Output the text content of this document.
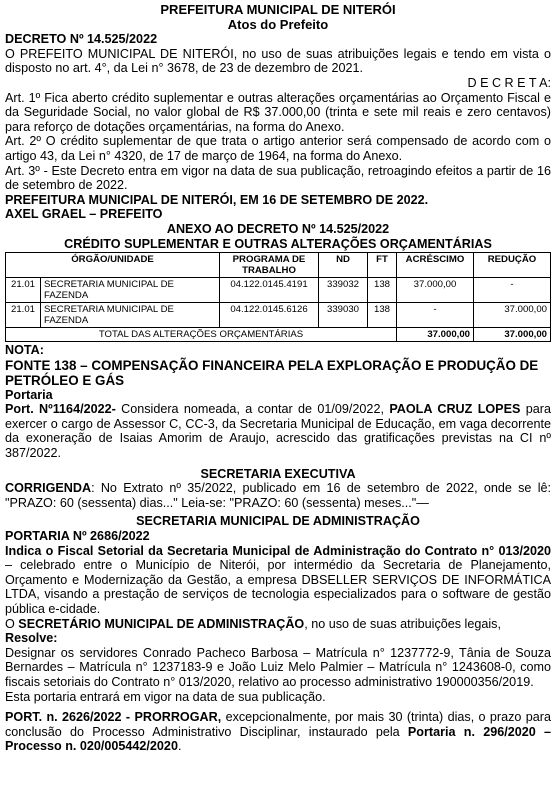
PREFEITURA MUNICIPAL DE NITERÓI
Atos do Prefeito
DECRETO Nº 14.525/2022

O PREFEITO MUNICIPAL DE NITERÓI, no uso de suas atribuições legais e tendo em vista o disposto no art. 4°, da Lei n° 3678, de 23 de dezembro de 2021.

D E C R E T A:

Art. 1º Fica aberto crédito suplementar e outras alterações orçamentárias ao Orçamento Fiscal e da Seguridade Social, no valor global de R$ 37.000,00 (trinta e sete mil reais e zero centavos) para reforço de dotações orçamentárias, na forma do Anexo.

Art. 2º O crédito suplementar de que trata o artigo anterior será compensado de acordo com o artigo 43, da Lei n° 4320, de 17 de março de 1964, na forma do Anexo.

Art. 3º - Este Decreto entra em vigor na data de sua publicação, retroagindo efeitos a partir de 16 de setembro de 2022.

PREFEITURA MUNICIPAL DE NITERÓI, EM 16 DE SETEMBRO DE 2022.
AXEL GRAEL – PREFEITO
ANEXO AO DECRETO Nº 14.525/2022
CRÉDITO SUPLEMENTAR E OUTRAS ALTERAÇÕES ORÇAMENTÁRIAS
ÓRGÃO/UNIDADE		PROGRAMA DE TRABALHO	ND	FT	ACRÉSCIMO	REDUÇÃO
21.01	SECRETARIA MUNICIPAL DE FAZENDA	04.122.0145.4191	339032	138	37.000,00	-
21.01	SECRETARIA MUNICIPAL DE FAZENDA	04.122.0145.6126	339030	138	-	37.000,00
TOTAL DAS ALTERAÇÕES ORÇAMENTÁRIAS					37.000,00	37.000,00
NOTA:
FONTE 138 – COMPENSAÇÃO FINANCEIRA PELA EXPLORAÇÃO E PRODUÇÃO DE PETRÓLEO E GÁS
Portaria

Port. Nº1164/2022- Considera nomeada, a contar de 01/09/2022, PAOLA CRUZ LOPES para exercer o cargo de Assessor C, CC-3, da Secretaria Municipal de Educação, em vaga decorrente da exoneração de Isaias Amorim de Araujo, acrescido das gratificações previstas na CI nº 387/2022.

SECRETARIA EXECUTIVA

CORRIGENDA: No Extrato nº 35/2022, publicado em 16 de setembro de 2022, onde se lê: "PRAZO: 60 (sessenta) dias..." Leia-se: "PRAZO: 60 (sessenta) meses..."—

SECRETARIA MUNICIPAL DE ADMINISTRAÇÃO
PORTARIA Nº 2686/2022

Indica o Fiscal Setorial da Secretaria Municipal de Administração do Contrato n° 013/2020 – celebrado entre o Município de Niterói, por intermédio da Secretaria de Planejamento, Orçamento e Modernização da Gestão, a empresa DBSELLER SERVIÇOS DE INFORMÁTICA LTDA, visando a prestação de serviços de tecnologia especializados para o software de gestão pública e-cidade.

O SECRETÁRIO MUNICIPAL DE ADMINISTRAÇÃO, no uso de suas atribuições legais,

Resolve:

Designar os servidores Conrado Pacheco Barbosa – Matrícula n° 1237772-9, Tânia de Souza Bernardes – Matrícula n° 1237183-9 e João Luiz Melo Palmier – Matrícula n° 1243608-0, como fiscais setoriais do Contrato n° 013/2020, relativo ao processo administrativo 190000356/2019.

Esta portaria entrará em vigor na data de sua publicação.

PORT. n. 2626/2022 - PRORROGAR, excepcionalmente, por mais 30 (trinta) dias, o prazo para conclusão do Processo Administrativo Disciplinar, instaurado pela Portaria n. 296/2020 – Processo n. 020/005442/2020.
